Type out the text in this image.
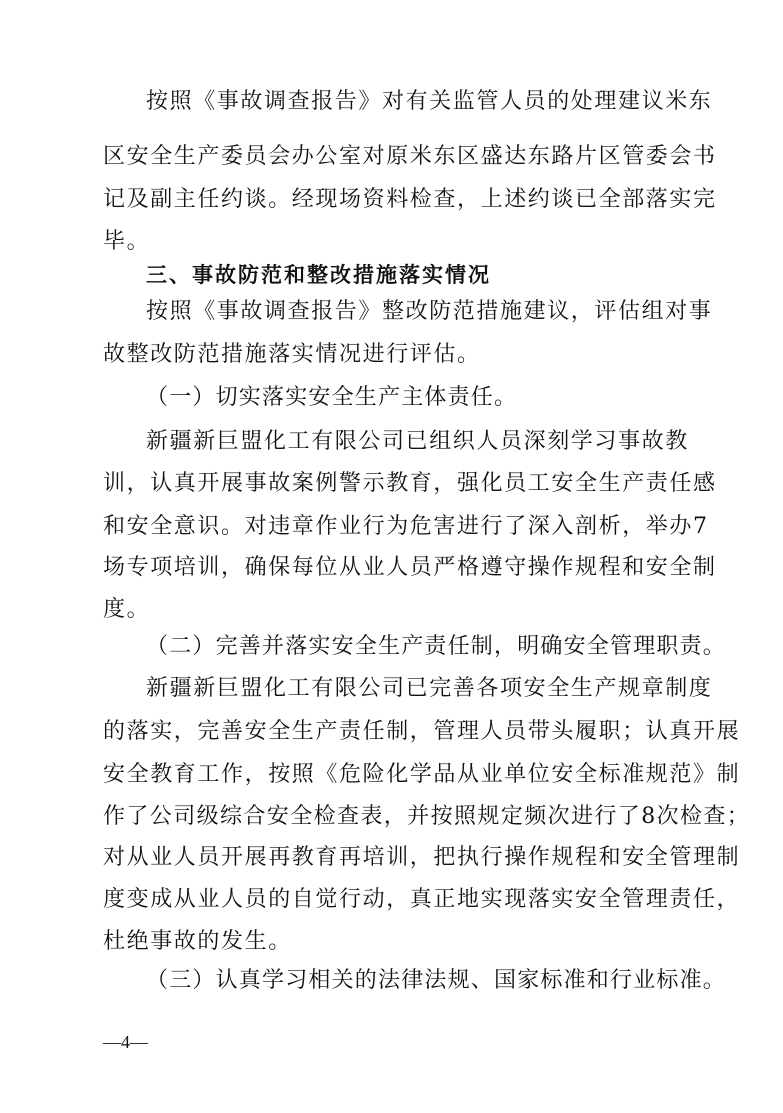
按照《事故调查报告》对有关监管人员的处理建议米东
区安全生产委员会办公室对原米东区盛达东路片区管委会书
记及副主任约谈。经现场资料检查，上述约谈已全部落实完
毕。
三、事故防范和整改措施落实情况
按照《事故调查报告》整改防范措施建议，评估组对事
故整改防范措施落实情况进行评估。
（一）切实落实安全生产主体责任。
新疆新巨盟化工有限公司已组织人员深刻学习事故教
训，认真开展事故案例警示教育，强化员工安全生产责任感
和安全意识。对违章作业行为危害进行了深入剖析，举办7
场专项培训，确保每位从业人员严格遵守操作规程和安全制
度。
（二）完善并落实安全生产责任制，明确安全管理职责。
新疆新巨盟化工有限公司已完善各项安全生产规章制度
的落实，完善安全生产责任制，管理人员带头履职；认真开展
安全教育工作，按照《危险化学品从业单位安全标准规范》制
作了公司级综合安全检查表，并按照规定频次进行了8次检查；
对从业人员开展再教育再培训，把执行操作规程和安全管理制
度变成从业人员的自觉行动，真正地实现落实安全管理责任，
杜绝事故的发生。
（三）认真学习相关的法律法规、国家标准和行业标准。
—4—
